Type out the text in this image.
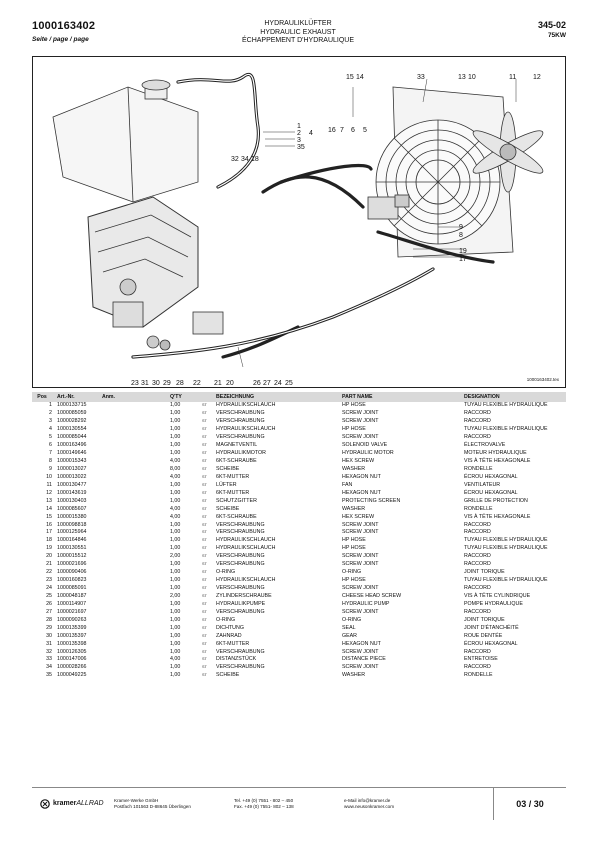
1000163402
Seite / page / page
HYDRAULIKLÜFTER
HYDRAULIC EXHAUST
ÉCHAPPEMENT D'HYDRAULIQUE
345-02
75KW
15 14	33	13 10	11 12
1
2
3
35
4 16 7 6 5
32 34 18
9
8
19
17
23 31 30 29 28 22 21 20	26 27 24 25
1000163402.tex
Pos	Art.-Nr.	Anm.	Q'TY	BEZEICHNUNG	PART NAME	DESIGNATION
1 1000133715	1,00	ST	HYDRAULIKSCHLAUCH	HP HOSE	TUYAU FLEXIBLE HYDRAULIQUE
2 1000085059	1,00	ST	VERSCHRAUBUNG	SCREW JOINT	RACCORD
3 1000028292	1,00	ST	VERSCHRAUBUNG	SCREW JOINT	RACCORD
4 1000130554	1,00	ST	HYDRAULIKSCHLAUCH	HP HOSE	TUYAU FLEXIBLE HYDRAULIQUE
5 1000085044	1,00	ST	VERSCHRAUBUNG	SCREW JOINT	RACCORD
6 1000163496	1,00	ST	MAGNETVENTIL	SOLENOID VALVE	ÉLECTROVALVE
7 1000149646	1,00	ST	HYDRAULIKMOTOR	HYDRAULIC MOTOR	MOTEUR HYDRAULIQUE
8 1000015343	4,00	ST	6KT-SCHRAUBE	HEX SCREW	VIS À TÊTE HEXAGONALE
9 1000013027	8,00	ST	SCHEIBE	WASHER	RONDELLE
10 1000013022	4,00	ST	6KT-MUTTER	HEXAGON NUT	ÉCROU HEXAGONAL
11 1000130477	1,00	ST	LÜFTER	FAN	VENTILATEUR
12 1000143619	1,00	ST	6KT-MUTTER	HEXAGON NUT	ÉCROU HEXAGONAL
13 1000130403	1,00	ST	SCHUTZGITTER	PROTECTING SCREEN	GRILLE DE PROTECTION
14 1000085607	4,00	ST	SCHEIBE	WASHER	RONDELLE
15 1000015380	4,00	ST	6KT-SCHRAUBE	HEX SCREW	VIS À TÊTE HEXAGONALE
16 1000098818	1,00	ST	VERSCHRAUBUNG	SCREW JOINT	RACCORD
17 1000125964	1,00	ST	VERSCHRAUBUNG	SCREW JOINT	RACCORD
18 1000164846	1,00	ST	HYDRAULIKSCHLAUCH	HP HOSE	TUYAU FLEXIBLE HYDRAULIQUE
19 1000130551	1,00	ST	HYDRAULIKSCHLAUCH	HP HOSE	TUYAU FLEXIBLE HYDRAULIQUE
20 1000015512	2,00	ST	VERSCHRAUBUNG	SCREW JOINT	RACCORD
21 1000021696	1,00	ST	VERSCHRAUBUNG	SCREW JOINT	RACCORD
22 1000090406	1,00	ST	O-RING	O-RING	JOINT TORIQUE
23 1000160823	1,00	ST	HYDRAULIKSCHLAUCH	HP HOSE	TUYAU FLEXIBLE HYDRAULIQUE
24 1000085091	1,00	ST	VERSCHRAUBUNG	SCREW JOINT	RACCORD
25 1000048187	2,00	ST	ZYLINDERSCHRAUBE	CHEESE HEAD SCREW	VIS À TÊTE CYLINDRIQUE
26 1000114907	1,00	ST	HYDRAULIKPUMPE	HYDRAULIC PUMP	POMPE HYDRAULIQUE
27 1000021697	1,00	ST	VERSCHRAUBUNG	SCREW JOINT	RACCORD
28 1000090263	1,00	ST	O-RING	O-RING	JOINT TORIQUE
29 1000135399	1,00	ST	DICHTUNG	SEAL	JOINT D'ÉTANCHÉITÉ
30 1000135397	1,00	ST	ZAHNRAD	GEAR	ROUE DENTÉE
31 1000135398	1,00	ST	6KT-MUTTER	HEXAGON NUT	ÉCROU HEXAGONAL
32 1000126305	1,00	ST	VERSCHRAUBUNG	SCREW JOINT	RACCORD
33 1000147006	4,00	ST	DISTANZSTÜCK	DISTANCE PIECE	ENTRETOISE
34 1000028266	1,00	ST	VERSCHRAUBUNG	SCREW JOINT	RACCORD
35 1000049225	1,00	ST	SCHEIBE	WASHER	RONDELLE
kramer ALLRAD Kramer-Werke GmbH
Postfach 101563 D-88645 Überlingen
Tel. +49 (0) 7551 - 802 – 450
Fax. +49 (0) 7551- 802 – 138
e-Mail info@kramer.de
www.neusonkramer.com	03 / 30
